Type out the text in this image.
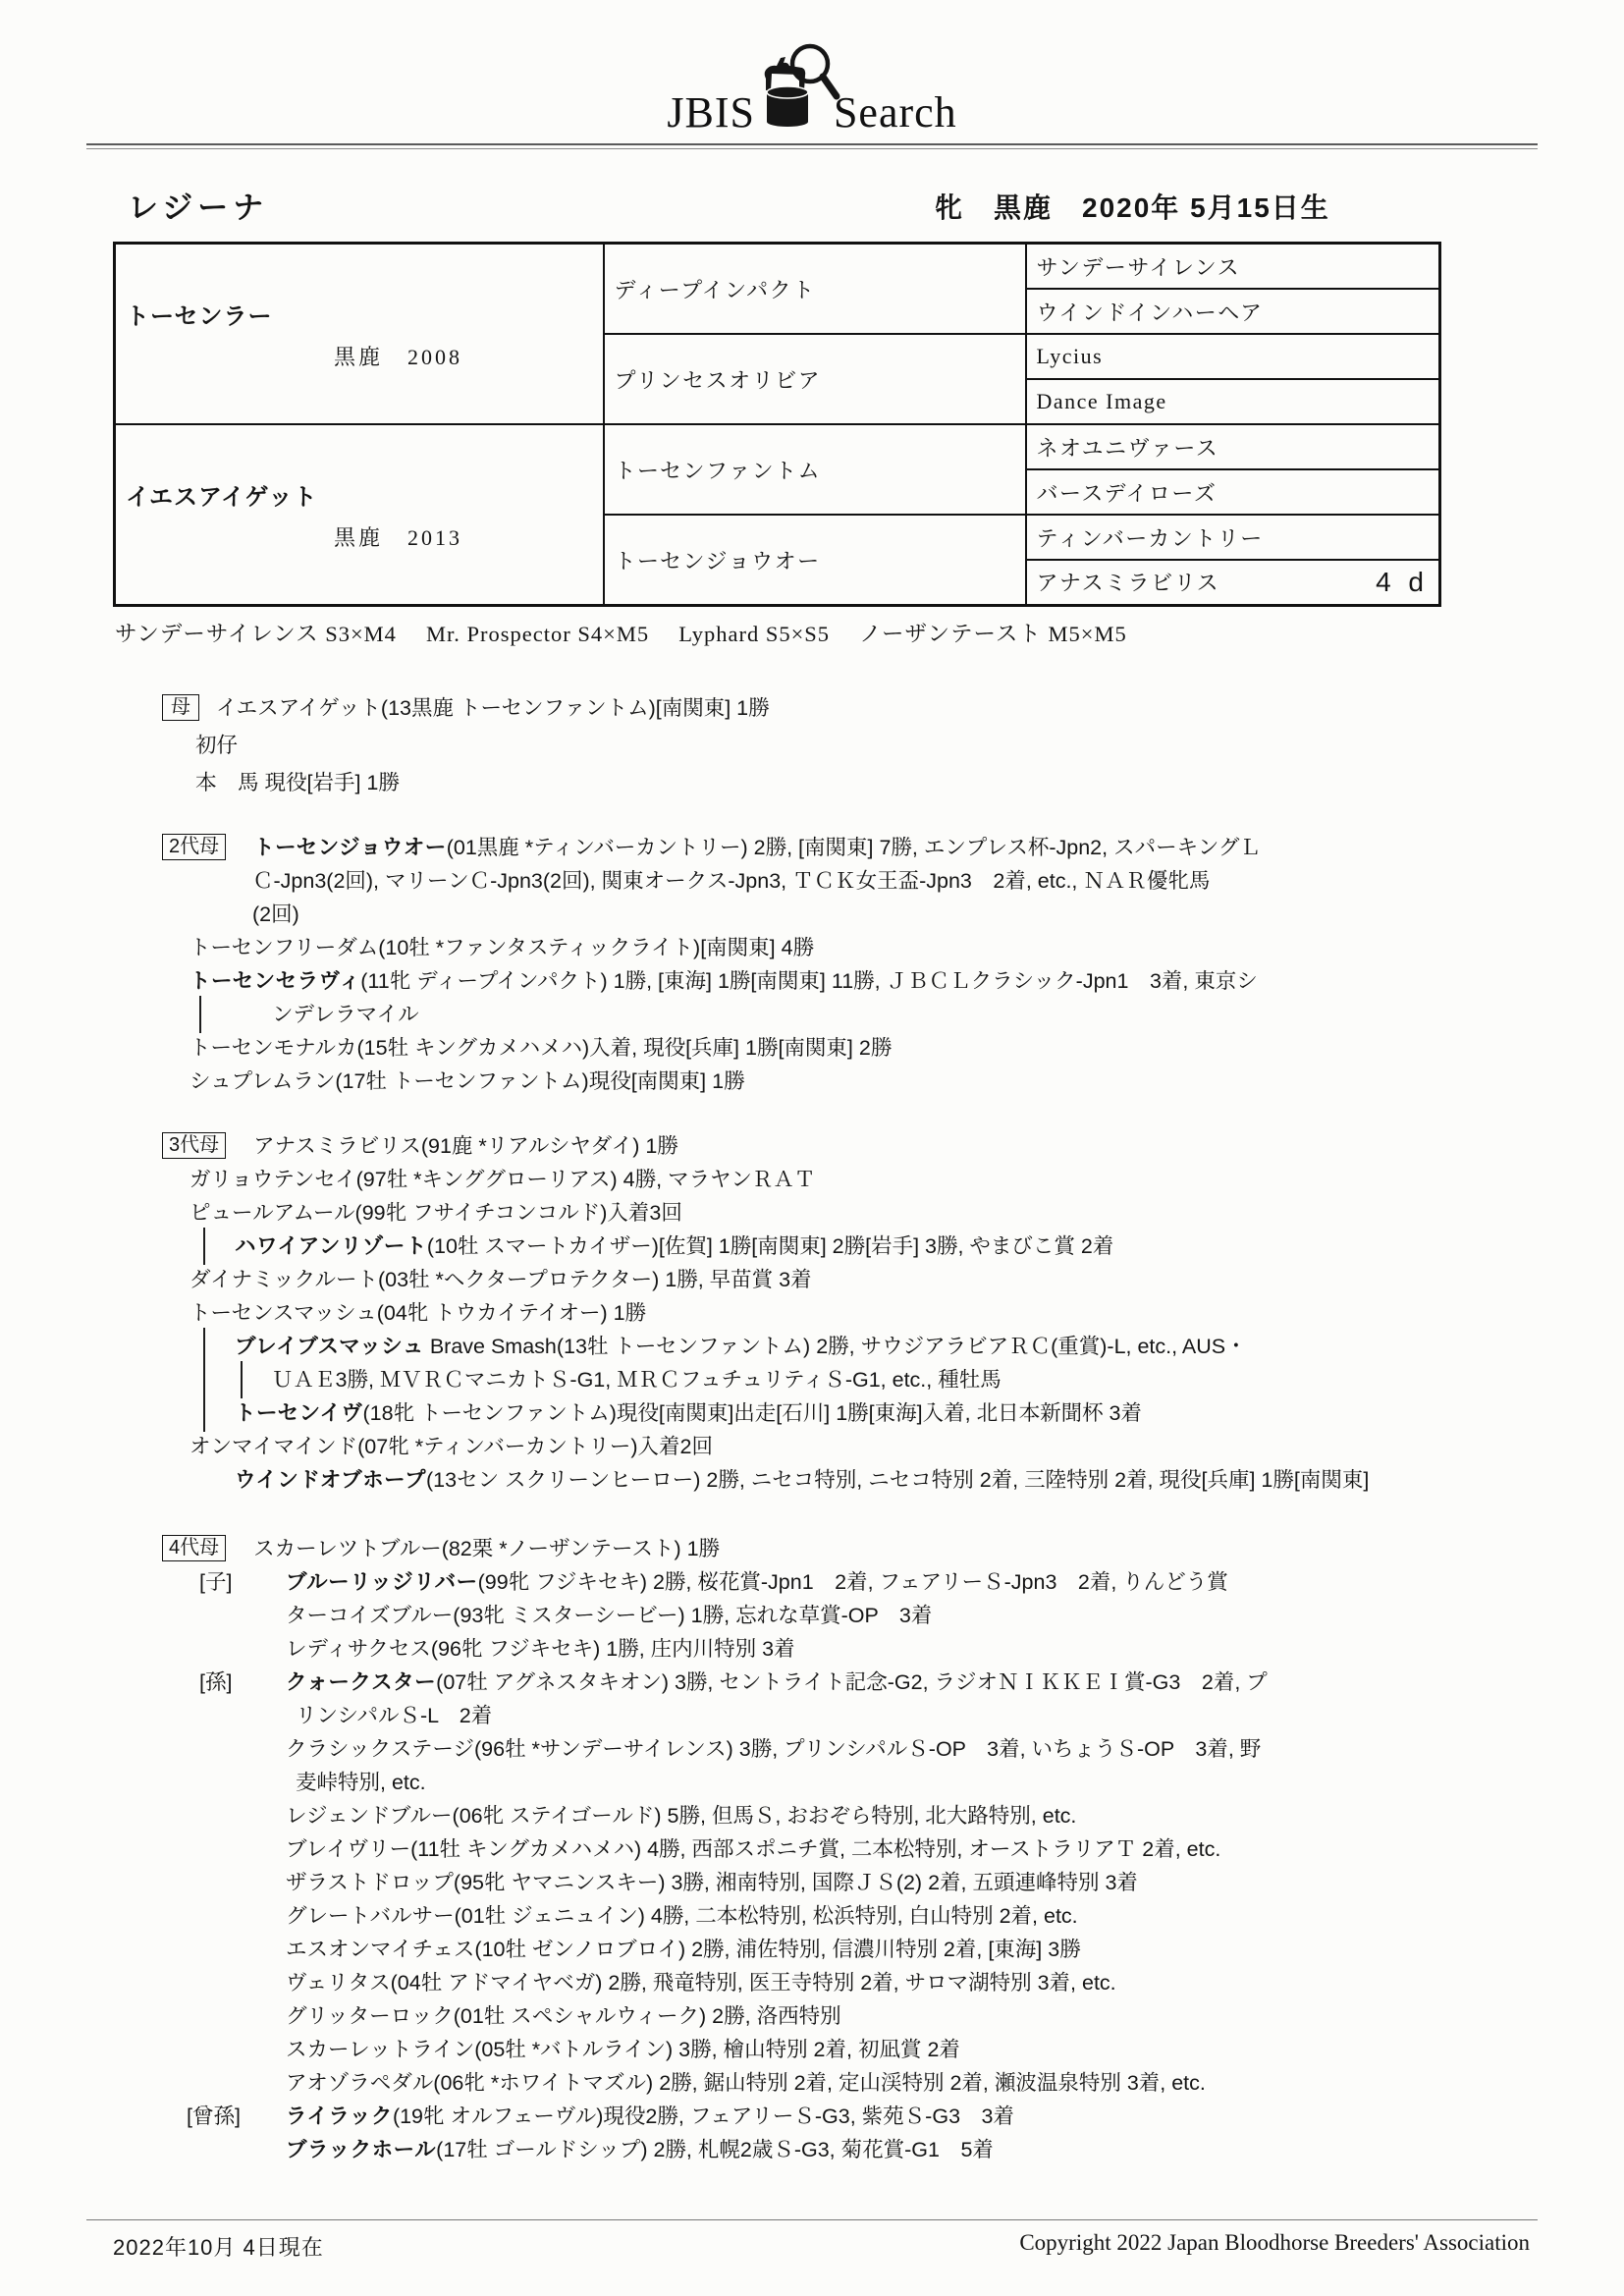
JBIS Search
レジーナ	牝　黒鹿　2020年 5月15日生
トーセンラー
黒鹿　2008	ディープインパクト	サンデーサイレンス
		ウインドインハーヘア
	プリンセスオリビア	Lycius
		Dance Image

イエスアイゲット
黒鹿　2013	トーセンファントム	ネオユニヴァース
		バースデイローズ
	トーセンジョウオー	ティンバーカントリー
		アナスミラビリス 4 d
サンデーサイレンス S3×M4　 Mr. Prospector S4×M5　 Lyphard S5×S5　 ノーザンテースト M5×M5
母 イエスアイゲット(13黒鹿 トーセンファントム)[南関東] 1勝
初仔
本　馬 現役[岩手] 1勝
2代母 トーセンジョウオー(01黒鹿 *ティンバーカントリー) 2勝, [南関東] 7勝, エンプレス杯-Jpn2, スパーキングＬ
Ｃ-Jpn3(2回), マリーンＣ-Jpn3(2回), 関東オークス-Jpn3, ＴＣＫ女王盃-Jpn3　2着, etc., ＮＡＲ優牝馬
(2回)
トーセンフリーダム(10牡 *ファンタスティックライト)[南関東] 4勝
トーセンセラヴィ(11牝 ディープインパクト) 1勝, [東海] 1勝[南関東] 11勝, ＪＢＣＬクラシック-Jpn1　3着, 東京シ
ンデレラマイル
トーセンモナルカ(15牡 キングカメハメハ)入着, 現役[兵庫] 1勝[南関東] 2勝
シュプレムラン(17牡 トーセンファントム)現役[南関東] 1勝
3代母 アナスミラビリス(91鹿 *リアルシヤダイ) 1勝
ガリョウテンセイ(97牡 *キンググローリアス) 4勝, マラヤンＲＡＴ
ピュールアムール(99牝 フサイチコンコルド)入着3回
ハワイアンリゾート(10牡 スマートカイザー)[佐賀] 1勝[南関東] 2勝[岩手] 3勝, やまびこ賞 2着
ダイナミックルート(03牡 *ヘクタープロテクター) 1勝, 早苗賞 3着
トーセンスマッシュ(04牝 トウカイテイオー) 1勝
ブレイブスマッシュ Brave Smash(13牡 トーセンファントム) 2勝, サウジアラビアＲＣ(重賞)-L, etc., AUS・
ＵＡＥ3勝, ＭＶＲＣマニカトＳ-G1, ＭＲＣフュチュリティＳ-G1, etc., 種牡馬
トーセンイヴ(18牝 トーセンファントム)現役[南関東]出走[石川] 1勝[東海]入着, 北日本新聞杯 3着
オンマイマインド(07牝 *ティンバーカントリー)入着2回
ウインドオブホープ(13セン スクリーンヒーロー) 2勝, ニセコ特別, ニセコ特別 2着, 三陸特別 2着, 現役[兵庫] 1勝[南関東]
4代母 スカーレツトブルー(82栗 *ノーザンテースト) 1勝
[子]	ブルーリッジリバー(99牝 フジキセキ) 2勝, 桜花賞-Jpn1　2着, フェアリーＳ-Jpn3　2着, りんどう賞
ターコイズブルー(93牝 ミスターシービー) 1勝, 忘れな草賞-OP　3着
レディサクセス(96牝 フジキセキ) 1勝, 庄内川特別 3着
[孫]	クォークスター(07牡 アグネスタキオン) 3勝, セントライト記念-G2, ラジオＮＩＫＫＥＩ賞-G3　2着, プ
リンシパルＳ-L　2着
クラシックステージ(96牡 *サンデーサイレンス) 3勝, プリンシパルＳ-OP　3着, いちょうＳ-OP　3着, 野
麦峠特別, etc.
レジェンドブルー(06牝 ステイゴールド) 5勝, 但馬Ｓ, おおぞら特別, 北大路特別, etc.
ブレイヴリー(11牡 キングカメハメハ) 4勝, 西部スポニチ賞, 二本松特別, オーストラリアＴ 2着, etc.
ザラストドロップ(95牝 ヤマニンスキー) 3勝, 湘南特別, 国際ＪＳ(2) 2着, 五頭連峰特別 3着
グレートバルサー(01牡 ジェニュイン) 4勝, 二本松特別, 松浜特別, 白山特別 2着, etc.
エスオンマイチェス(10牡 ゼンノロブロイ) 2勝, 浦佐特別, 信濃川特別 2着, [東海] 3勝
ヴェリタス(04牡 アドマイヤベガ) 2勝, 飛竜特別, 医王寺特別 2着, サロマ湖特別 3着, etc.
グリッターロック(01牡 スペシャルウィーク) 2勝, 洛西特別
スカーレットライン(05牡 *バトルライン) 3勝, 檜山特別 2着, 初凪賞 2着
アオゾラペダル(06牝 *ホワイトマズル) 2勝, 鋸山特別 2着, 定山渓特別 2着, 瀬波温泉特別 3着, etc.
[曾孫] ライラック(19牝 オルフェーヴル)現役2勝, フェアリーＳ-G3, 紫苑Ｓ-G3　3着
ブラックホール(17牡 ゴールドシップ) 2勝, 札幌2歳Ｓ-G3, 菊花賞-G1　5着
2022年10月 4日現在	Copyright 2022 Japan Bloodhorse Breeders' Association
